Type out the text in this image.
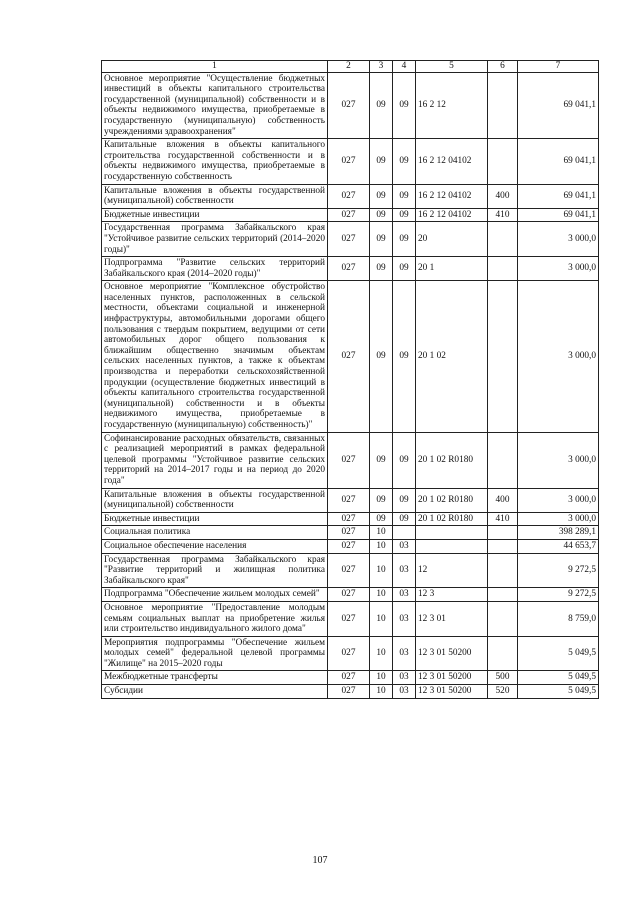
1	2	3	4	5	6	7
Основное мероприятие "Осуществление бюджетных инвестиций в объекты капитального строительства государственной (муниципальной) собственности и в объекты недвижимого имущества, приобретаемые в государственную (муниципальную) собственность учреждениями здравоохранения"	027	09	09	16 2 12		69 041,1
Капитальные вложения в объекты капитального строительства государственной собственности и в объекты недвижимого имущества, приобретаемые в государственную собственность	027	09	09	16 2 12 04102		69 041,1
Капитальные вложения в объекты государственной (муниципальной) собственности	027	09	09	16 2 12 04102	400	69 041,1
Бюджетные инвестиции	027	09	09	16 2 12 04102	410	69 041,1
Государственная программа Забайкальского края "Устойчивое развитие сельских территорий (2014–2020 годы)"	027	09	09	20		3 000,0
Подпрограмма "Развитие сельских территорий Забайкальского края (2014–2020 годы)"	027	09	09	20 1		3 000,0
Основное мероприятие "Комплексное обустройство населенных пунктов, расположенных в сельской местности, объектами социальной и инженерной инфраструктуры, автомобильными дорогами общего пользования с твердым покрытием, ведущими от сети автомобильных дорог общего пользования к ближайшим общественно значимым объектам сельских населенных пунктов, а также к объектам производства и переработки сельскохозяйственной продукции (осуществление бюджетных инвестиций в объекты капитального строительства государственной (муниципальной) собственности и в объекты недвижимого имущества, приобретаемые в государственную (муниципальную) собственность)"	027	09	09	20 1 02		3 000,0
Софинансирование расходных обязательств, связанных с реализацией мероприятий в рамках федеральной целевой программы "Устойчивое развитие сельских территорий на 2014–2017 годы и на период до 2020 года"	027	09	09	20 1 02 R0180		3 000,0
Капитальные вложения в объекты государственной (муниципальной) собственности	027	09	09	20 1 02 R0180	400	3 000,0
Бюджетные инвестиции	027	09	09	20 1 02 R0180	410	3 000,0
Социальная политика	027	10				398 289,1
Социальное обеспечение населения	027	10	03			44 653,7
Государственная программа Забайкальского края "Развитие территорий и жилищная политика Забайкальского края"	027	10	03	12		9 272,5
Подпрограмма "Обеспечение жильем молодых семей"	027	10	03	12 3		9 272,5
Основное мероприятие "Предоставление молодым семьям социальных выплат на приобретение жилья или строительство индивидуального жилого дома"	027	10	03	12 3 01		8 759,0
Мероприятия подпрограммы "Обеспечение жильем молодых семей" федеральной целевой программы "Жилище" на 2015–2020 годы	027	10	03	12 3 01 50200		5 049,5
Межбюджетные трансферты	027	10	03	12 3 01 50200	500	5 049,5
Субсидии	027	10	03	12 3 01 50200	520	5 049,5
107
